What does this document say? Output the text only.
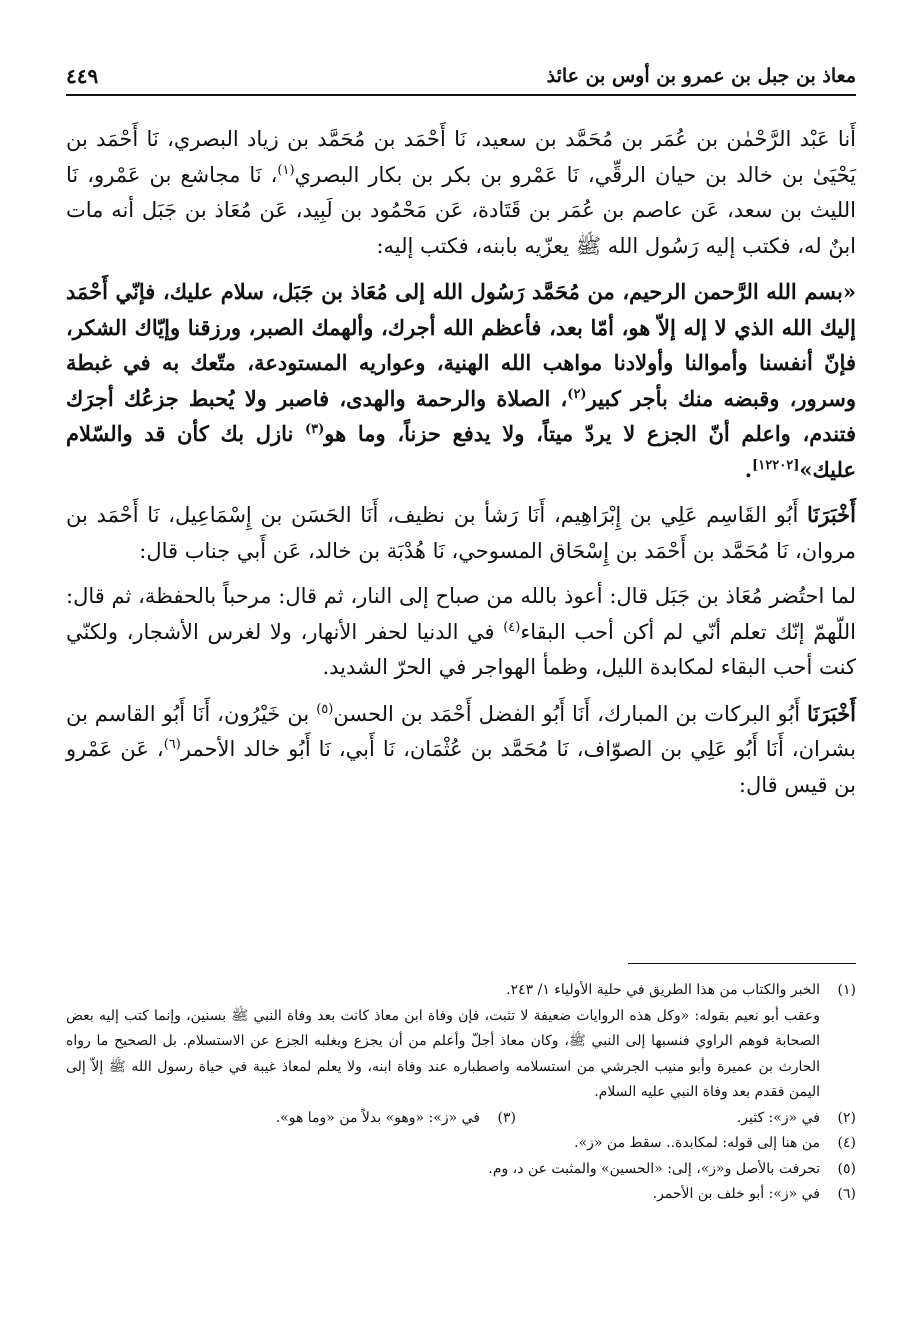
معاذ بن جبل بن عمرو بن أوس بن عائذ
٤٤٩

أَنا عَبْد الرَّحْمٰن بن عُمَر بن مُحَمَّد بن سعيد، نَا أَحْمَد بن مُحَمَّد بن زياد البصري، نَا أَحْمَد بن يَحْيَىٰ بن خالد بن حيان الرقِّي، نَا عَمْرو بن بكر بن بكار البصري$^{(١)}$، نَا مجاشع بن عَمْرو، نَا الليث بن سعد، عَن عاصم بن عُمَر بن قَتَادة، عَن مَحْمُود بن لَبِيد، عَن مُعَاذ بن جَبَل أنه مات ابنٌ له، فكتب إليه رَسُول الله ﷺ يعزّيه بابنه، فكتب إليه:

«بسم الله الرَّحمن الرحيم، من مُحَمَّد رَسُول الله إلى مُعَاذ بن جَبَل، سلام عليك، فإنّي أَحْمَد إليك الله الذي لا إله إلاّ هو، أمّا بعد، فأعظم الله أجرك، وألهمك الصبر، ورزقنا وإيّاك الشكر، فإنّ أنفسنا وأموالنا وأولادنا مواهب الله الهنية، وعواريه المستودعة، متّعك به في غبطة وسرور، وقبضه منك بأجر كبير$^{(٢)}$، الصلاة والرحمة والهدى، فاصبر ولا يُحبط جزعُك أجرَك فتندم، واعلم أنّ الجزع لا يردّ ميتاً، ولا يدفع حزناً، وما هو$^{(٣)}$ نازل بك كأن قد والسّلام عليك»[١٢٢٠٢].

أَخْبَرَنَا أَبُو القَاسِم عَلِي بن إِبْرَاهِيم، أَنَا رَشأ بن نظيف، أَنَا الحَسَن بن إِسْمَاعِيل، نَا أَحْمَد بن مروان، نَا مُحَمَّد بن أَحْمَد بن إِسْحَاق المسوحي، نَا هُدْبَة بن خالد، عَن أَبي جناب قال:

لما احتُضر مُعَاذ بن جَبَل قال: أعوذ بالله من صباح إلى النار، ثم قال: مرحباً بالحفظة، ثم قال: اللّهمّ إنّك تعلم أنّي لم أكن أحب البقاء$^{(٤)}$ في الدنيا لحفر الأنهار، ولا لغرس الأشجار، ولكنّي كنت أحب البقاء لمكابدة الليل، وظمأ الهواجر في الحرّ الشديد.

أَخْبَرَنَا أَبُو البركات بن المبارك، أَنَا أَبُو الفضل أَحْمَد بن الحسن$^{(٥)}$ بن خَيْرُون، أَنَا أَبُو القاسم بن بشران، أَنَا أَبُو عَلِي بن الصوّاف، نَا مُحَمَّد بن عُثْمَان، نَا أَبي، نَا أَبُو خالد الأحمر$^{(٦)}$، عَن عَمْرو بن قيس قال:

(١)
الخبر والكتاب من هذا الطريق في حلية الأولياء ١/ ٢٤٣.
وعقب أبو نعيم بقوله: «وكل هذه الروايات ضعيفة لا تثبت، فإن وفاة ابن معاذ كانت بعد وفاة النبي ﷺ بسنين، وإنما كتب إليه بعض الصحابة فوهم الراوي فنسبها إلى النبي ﷺ، وكان معاذ أجلّ وأعلم من أن يجزع ويغلبه الجزع عن الاستسلام. بل الصحيح ما رواه الحارث بن عميرة وأبو منيب الجرشي من استسلامه واصطباره عند وفاة ابنه، ولا يعلم لمعاذ غيبة في حياة رسول الله ﷺ إلاّ إلى اليمن فقدم بعد وفاة النبي عليه السلام.
(٢)
في «ز»: كثير.
(٣)
في «ز»: «وهو» بدلاً من «وما هو».
(٤)
من هنا إلى قوله: لمكابدة.. سقط من «ز».
(٥)
تحرفت بالأصل و«ز»، إلى: «الحسين» والمثبت عن د، وم.
(٦)
في «ز»: أبو خلف بن الأحمر.
